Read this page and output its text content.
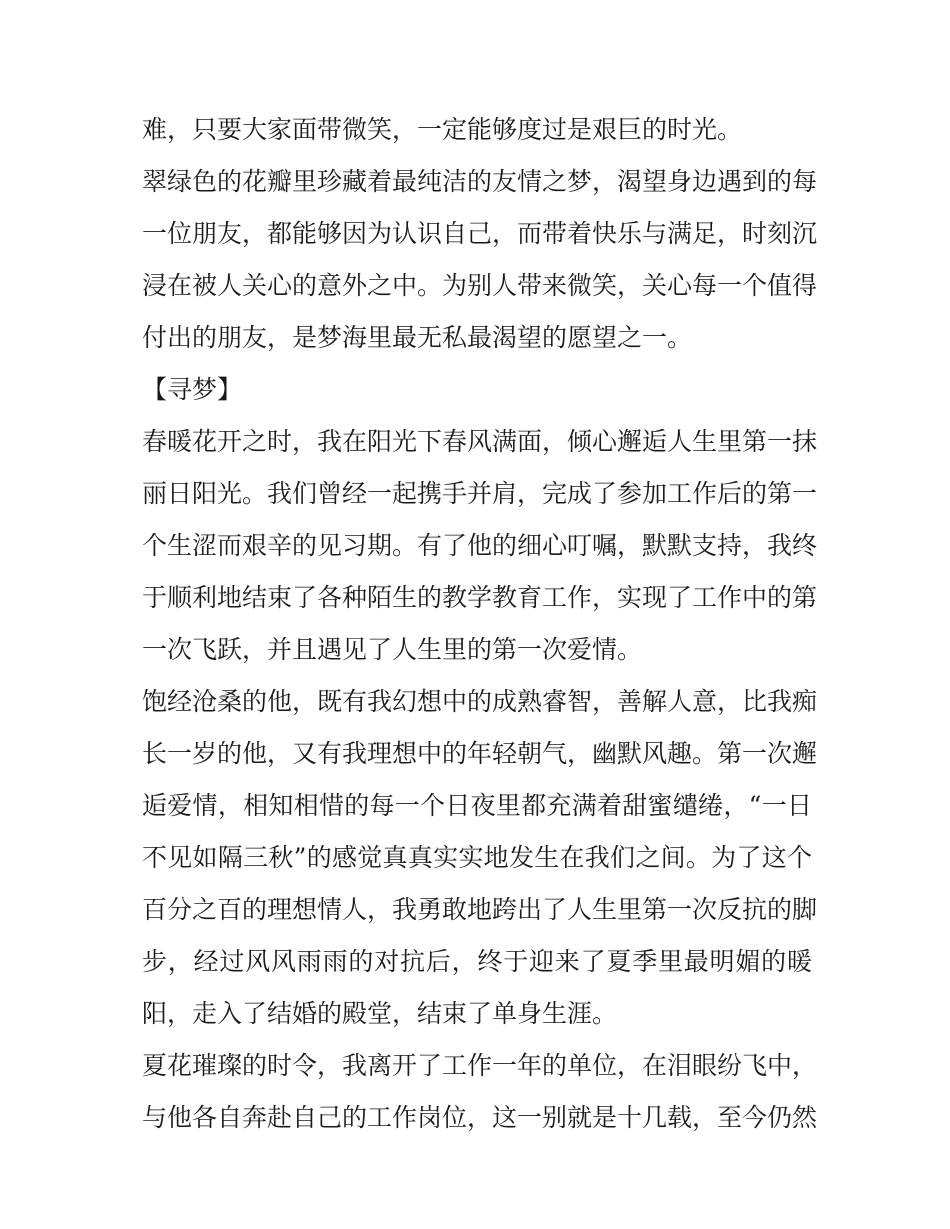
难，只要大家面带微笑，一定能够度过是艰巨的时光。
翠绿色的花瓣里珍藏着最纯洁的友情之梦，渴望身边遇到的每
一位朋友，都能够因为认识自己，而带着快乐与满足，时刻沉
浸在被人关心的意外之中。为别人带来微笑，关心每一个值得
付出的朋友，是梦海里最无私最渴望的愿望之一。
【寻梦】
春暖花开之时，我在阳光下春风满面，倾心邂逅人生里第一抹
丽日阳光。我们曾经一起携手并肩，完成了参加工作后的第一
个生涩而艰辛的见习期。有了他的细心叮嘱，默默支持，我终
于顺利地结束了各种陌生的教学教育工作，实现了工作中的第
一次飞跃，并且遇见了人生里的第一次爱情。
饱经沧桑的他，既有我幻想中的成熟睿智，善解人意，比我痴
长一岁的他，又有我理想中的年轻朝气，幽默风趣。第一次邂
逅爱情，相知相惜的每一个日夜里都充满着甜蜜缱绻，“一日
不见如隔三秋”的感觉真真实实地发生在我们之间。为了这个
百分之百的理想情人，我勇敢地跨出了人生里第一次反抗的脚
步，经过风风雨雨的对抗后，终于迎来了夏季里最明媚的暖
阳，走入了结婚的殿堂，结束了单身生涯。
夏花璀璨的时令，我离开了工作一年的单位，在泪眼纷飞中，
与他各自奔赴自己的工作岗位，这一别就是十几载，至今仍然
